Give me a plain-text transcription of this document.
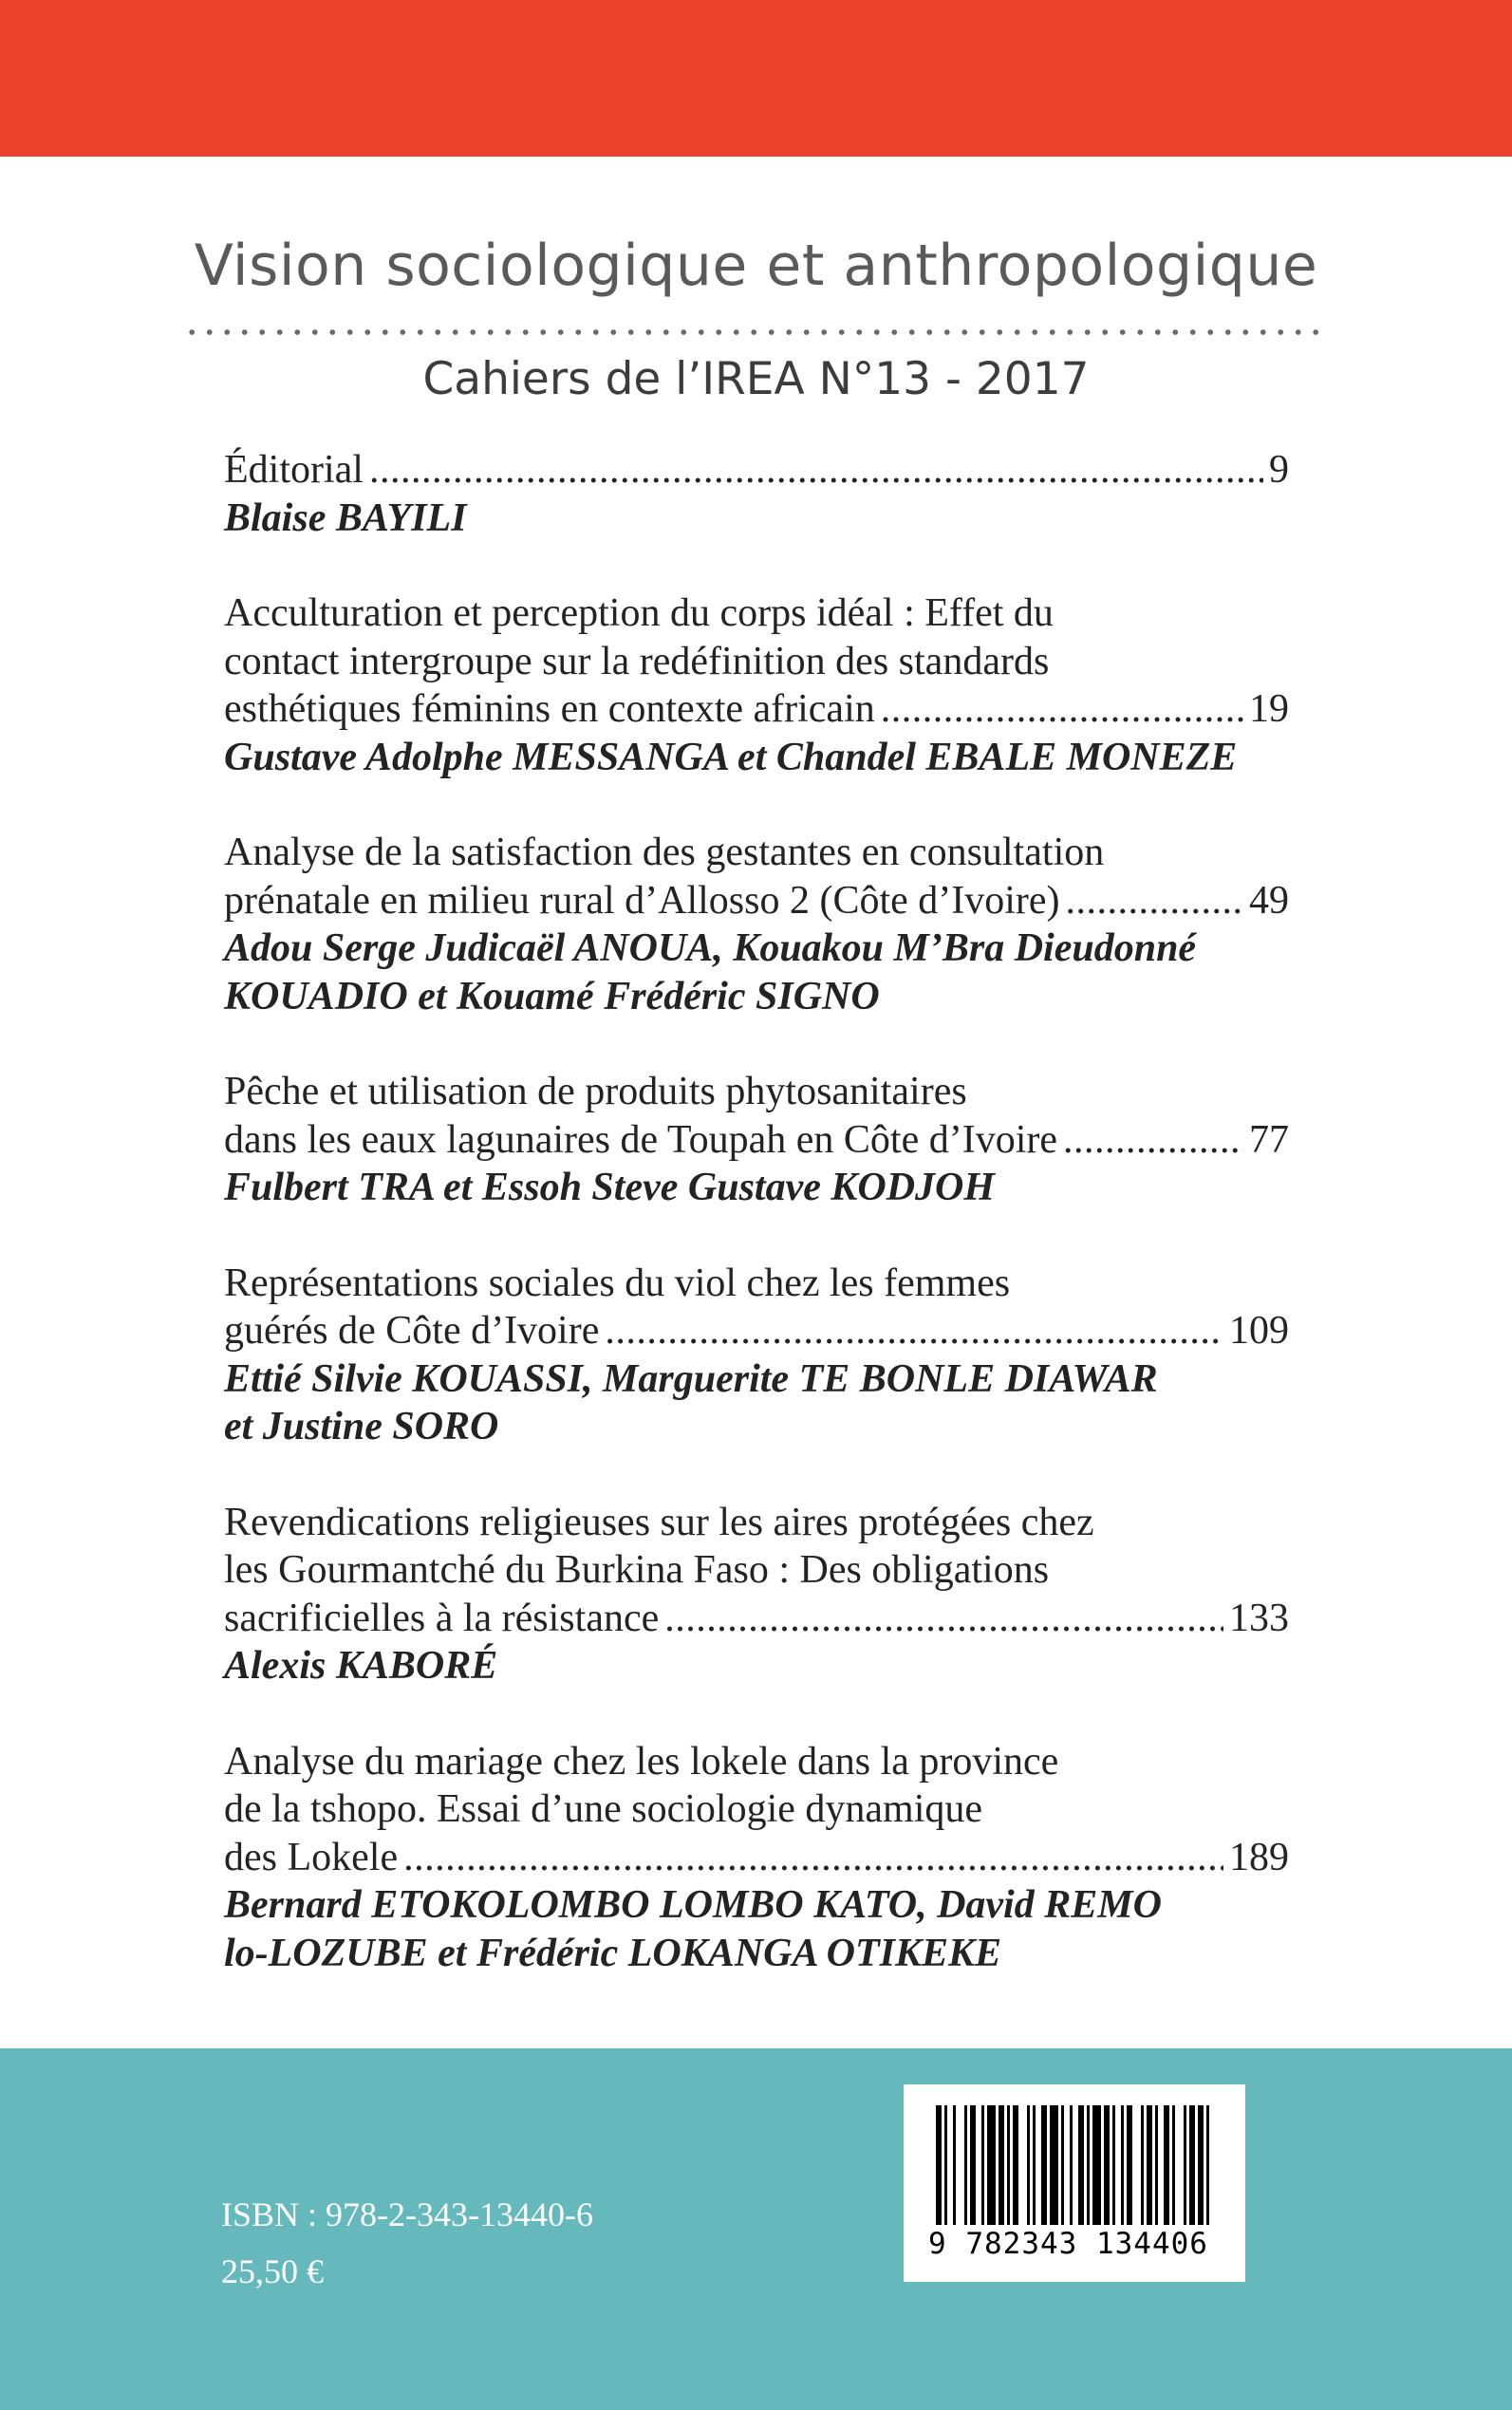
Vision sociologique et anthropologique
Cahiers de l’IREA N°13 - 2017
Éditorial .....	9
Blaise BAYILI
Acculturation et perception du corps idéal : Effet du
contact intergroupe sur la redéfinition des standards
esthétiques féminins en contexte africain .....	19
Gustave Adolphe MESSANGA et Chandel EBALE MONEZE
Analyse de la satisfaction des gestantes en consultation
prénatale en milieu rural d’Allosso 2 (Côte d’Ivoire) .....	49
Adou Serge Judicaël ANOUA, Kouakou M’Bra Dieudonné
KOUADIO et Kouamé Frédéric SIGNO
Pêche et utilisation de produits phytosanitaires
dans les eaux lagunaires de Toupah en Côte d’Ivoire .....	77
Fulbert TRA et Essoh Steve Gustave KODJOH
Représentations sociales du viol chez les femmes
guérés de Côte d’Ivoire .....	109
Ettié Silvie KOUASSI, Marguerite TE BONLE DIAWAR
et Justine SORO
Revendications religieuses sur les aires protégées chez
les Gourmantché du Burkina Faso : Des obligations
sacrificielles à la résistance .....	133
Alexis KABORÉ
Analyse du mariage chez les lokele dans la province
de la tshopo. Essai d’une sociologie dynamique
des Lokele .....	189
Bernard ETOKOLOMBO LOMBO KATO, David REMO
lo-LOZUBE et Frédéric LOKANGA OTIKEKE
ISBN : 978-2-343-13440-6
25,50 €
9 782343 134406
